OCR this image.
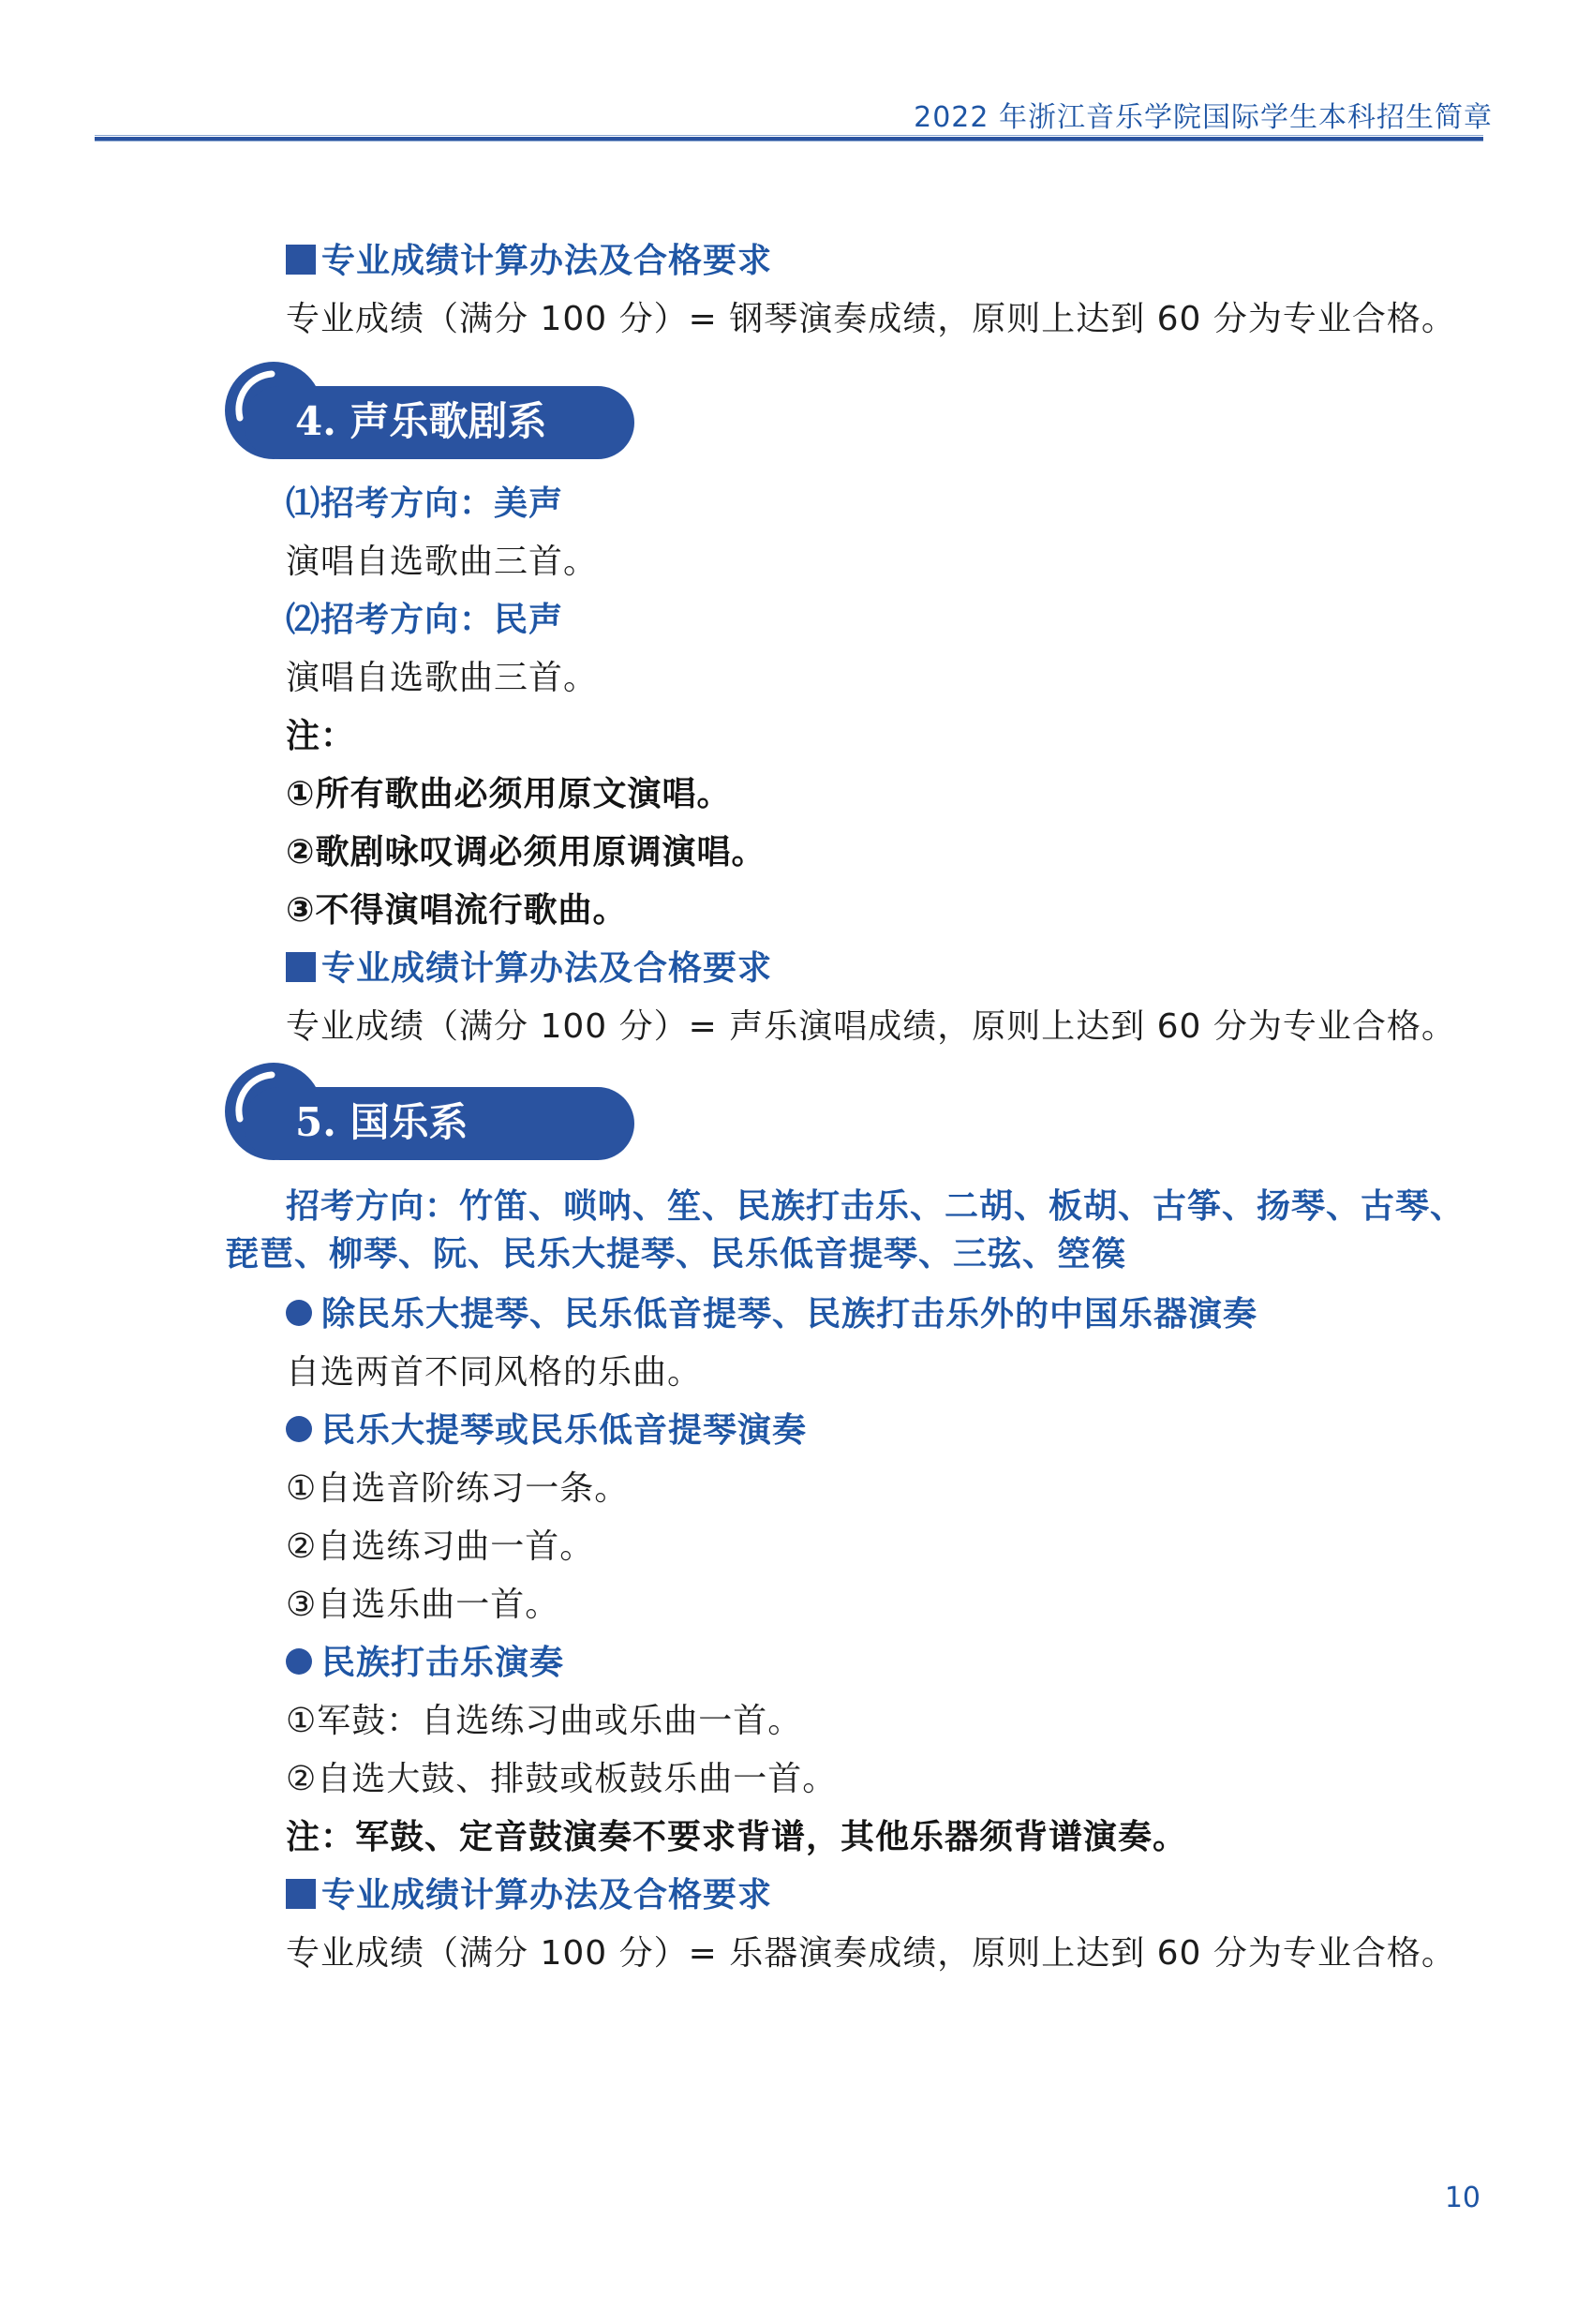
2022 年浙江音乐学院国际学生本科招生简章

专业成绩计算办法及合格要求

专业成绩（满分 100 分）= 钢琴演奏成绩，原则上达到 60 分为专业合格。

4. 声乐歌剧系

⑴招考方向：美声

演唱自选歌曲三首。

⑵招考方向：民声

演唱自选歌曲三首。

注：

①所有歌曲必须用原文演唱。

②歌剧咏叹调必须用原调演唱。

③不得演唱流行歌曲。

专业成绩计算办法及合格要求

专业成绩（满分 100 分）= 声乐演唱成绩，原则上达到 60 分为专业合格。

5. 国乐系

招考方向：竹笛、唢呐、笙、民族打击乐、二胡、板胡、古筝、扬琴、古琴、琵琶、柳琴、阮、民乐大提琴、民乐低音提琴、三弦、箜篌

除民乐大提琴、民乐低音提琴、民族打击乐外的中国乐器演奏

自选两首不同风格的乐曲。

民乐大提琴或民乐低音提琴演奏

①自选音阶练习一条。

②自选练习曲一首。

③自选乐曲一首。

民族打击乐演奏

①军鼓：自选练习曲或乐曲一首。

②自选大鼓、排鼓或板鼓乐曲一首。

注：军鼓、定音鼓演奏不要求背谱，其他乐器须背谱演奏。

专业成绩计算办法及合格要求

专业成绩（满分 100 分）= 乐器演奏成绩，原则上达到 60 分为专业合格。

10
